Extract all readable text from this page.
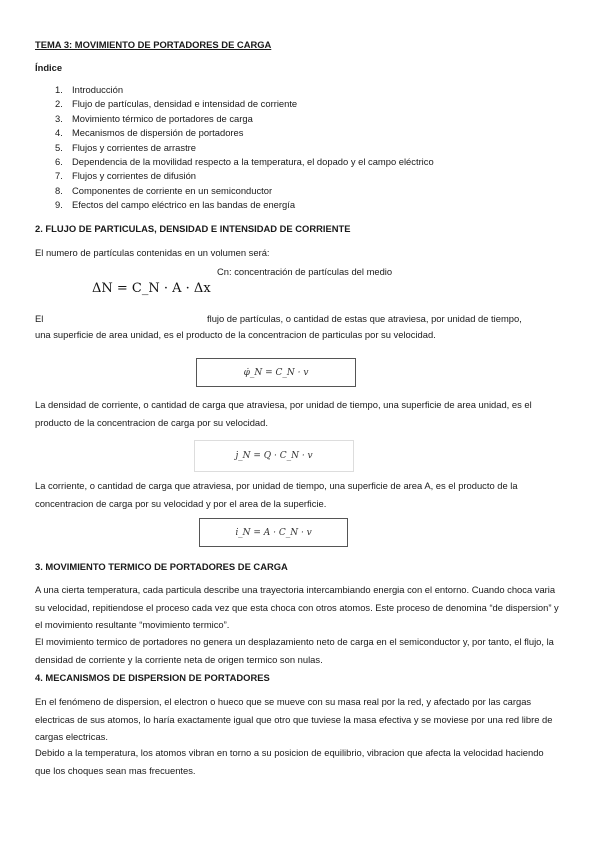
TEMA 3: MOVIMIENTO DE PORTADORES DE CARGA
Índice
1. Introducción
2. Flujo de partículas, densidad e intensidad de corriente
3. Movimiento térmico de portadores de carga
4. Mecanismos de dispersión de portadores
5. Flujos y corrientes de arrastre
6. Dependencia de la movilidad respecto a la temperatura, el dopado y el campo eléctrico
7. Flujos y corrientes de difusión
8. Componentes de corriente en un semiconductor
9. Efectos del campo eléctrico en las bandas de energía
2. FLUJO DE PARTICULAS, DENSIDAD E INTENSIDAD DE CORRIENTE
El numero de partículas contenidas en un volumen será:
Cn: concentración de partículas del medio
ΔN = C_N · A · Δx
El	flujo de partículas, o cantidad de estas que atraviesa, por unidad de tiempo,
una superficie de area unidad, es el producto de la concentracion de particulas por su velocidad.
φ̇_N = C_N · v
La densidad de corriente, o cantidad de carga que atraviesa, por unidad de tiempo, una superficie de area unidad, es el producto de la concentracion de carga por su velocidad.
j̇_N = Q · C_N · v
La corriente, o cantidad de carga que atraviesa, por unidad de tiempo, una superficie de area A, es el producto de la concentracion de carga por su velocidad y por el area de la superficie.
i̇_N = A · C_N · v
3. MOVIMIENTO TERMICO DE PORTADORES DE CARGA
A una cierta temperatura, cada particula describe una trayectoria intercambiando energia con el entorno. Cuando choca varia su velocidad, repitiendose el proceso cada vez que esta choca con otros atomos. Este proceso de denomina “de dispersion” y el movimiento resultante “movimiento termico”.
El movimiento termico de portadores no genera un desplazamiento neto de carga en el semiconductor y, por tanto, el flujo, la densidad de corriente y la corriente neta de origen termico son nulas.
4. MECANISMOS DE DISPERSION DE PORTADORES
En el fenómeno de dispersion, el electron o hueco que se mueve con su masa real por la red, y afectado por las cargas electricas de sus atomos, lo haría exactamente igual que otro que tuviese la masa efectiva y se moviese por una red libre de cargas electricas.
Debido a la temperatura, los atomos vibran en torno a su posicion de equilibrio, vibracion que afecta la velocidad haciendo que los choques sean mas frecuentes.
